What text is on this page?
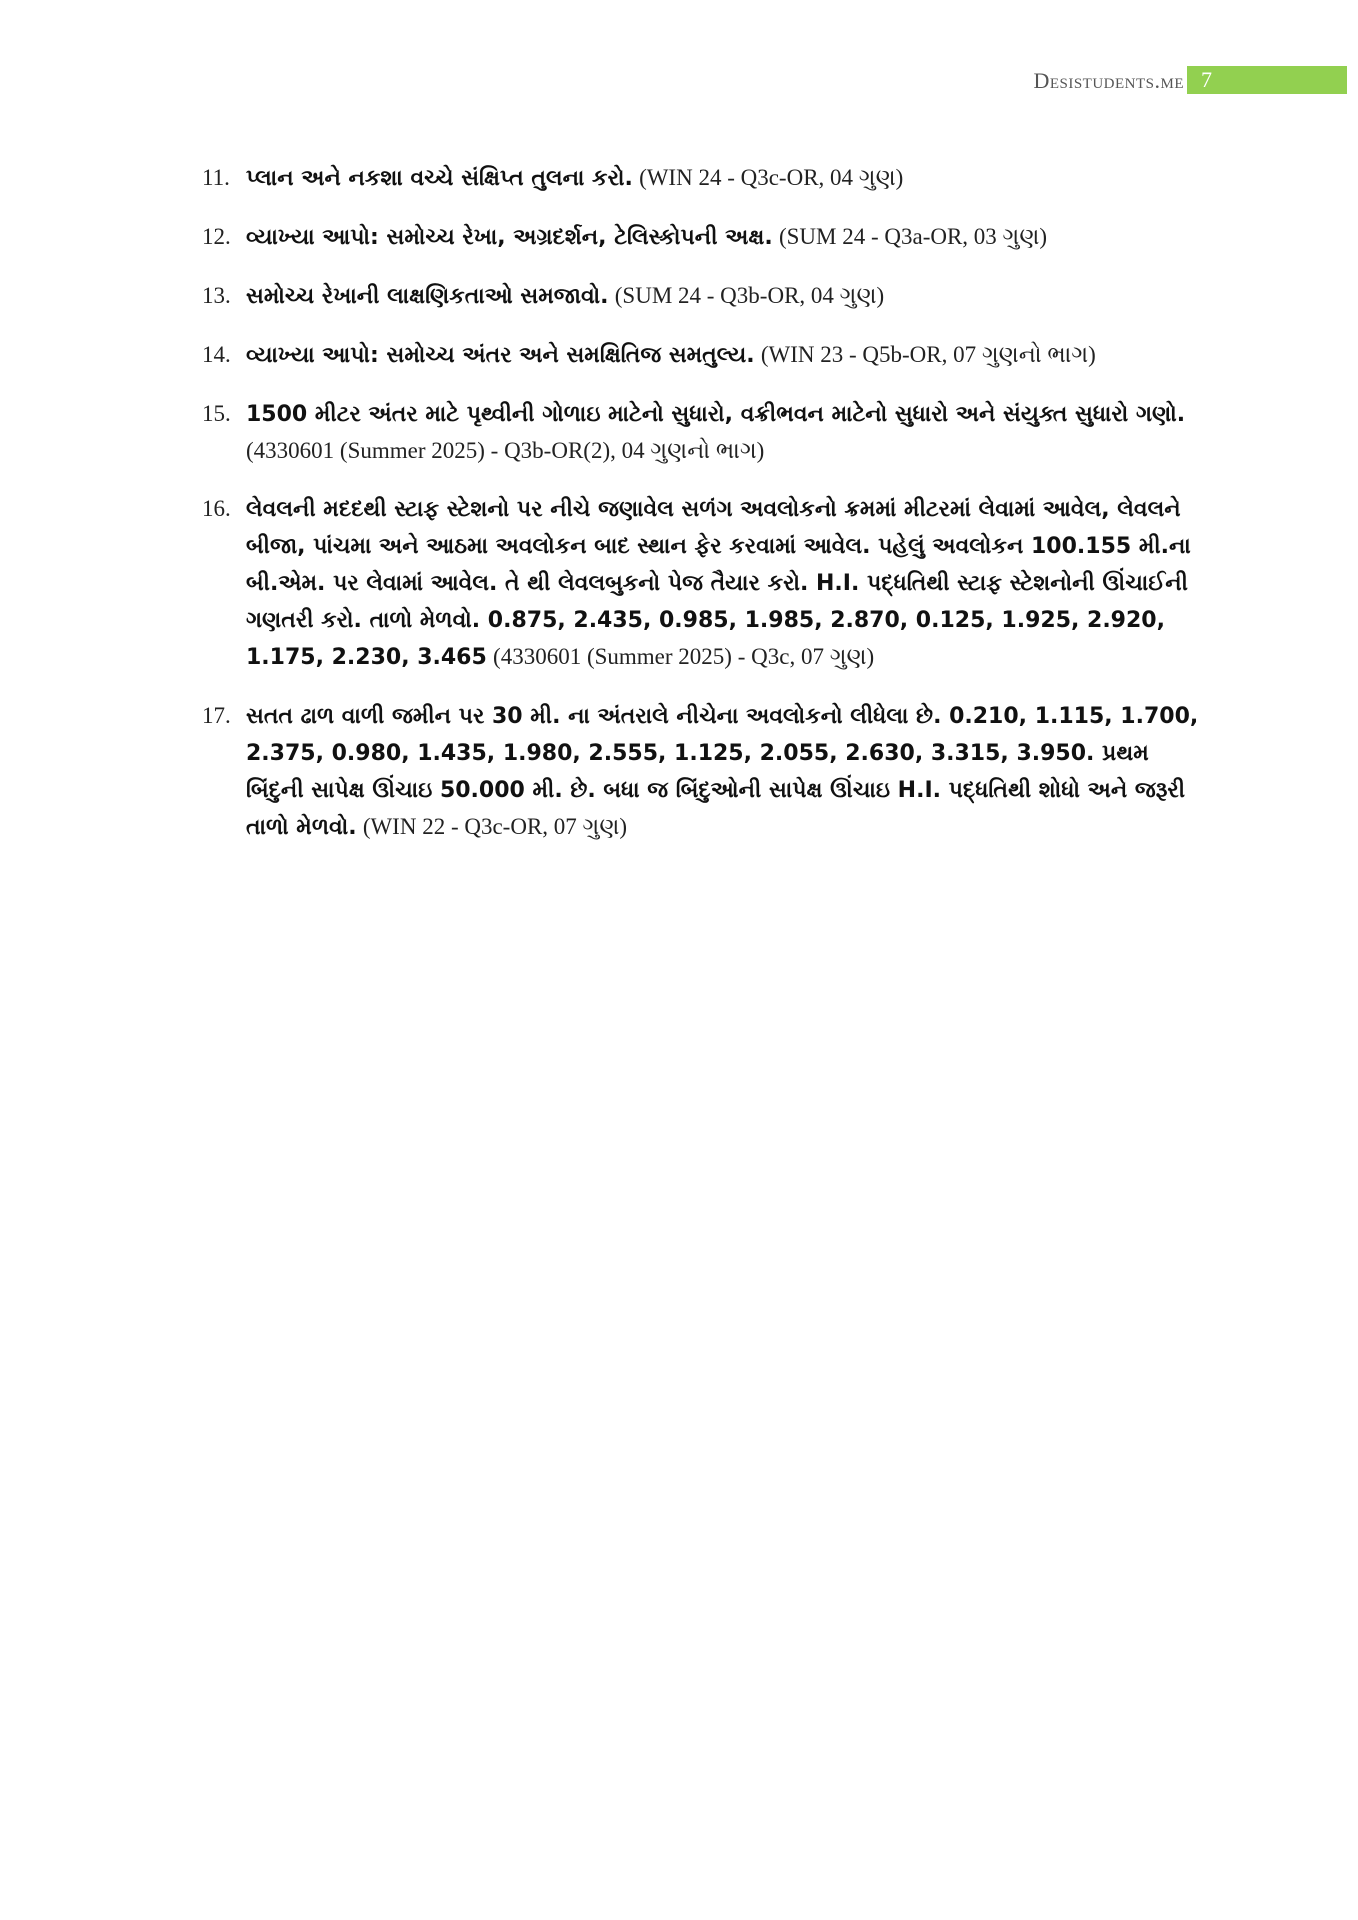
Desistudents.me 7
11. પ્લાન અને નકશા વચ્ચે સંક્ષિપ્ત તુલના કરો. (WIN 24 - Q3c-OR, 04 ગુણ)
12. વ્યાખ્યા આપો: સમોચ્ચ રેખા, અગ્રદર્શન, ટેલિસ્કોપની અક્ષ. (SUM 24 - Q3a-OR, 03 ગુણ)
13. સમોચ્ચ રેખાની લાક્ષણિકતાઓ સમજાવો. (SUM 24 - Q3b-OR, 04 ગુણ)
14. વ્યાખ્યા આપો: સમોચ્ચ અંતર અને સમક્ષિતિજ સમતુલ્ય. (WIN 23 - Q5b-OR, 07 ગુણનો ભાગ)
15. 1500 મીટર અંતર માટે પૃથ્વીની ગોળાઇ માટેનો સુધારો, વક્રીભવન માટેનો સુધારો અને સંયુક્ત સુધારો ગણો. (4330601 (Summer 2025) - Q3b-OR(2), 04 ગુણનો ભાગ)
16. લેવલની મદદથી સ્ટાફ સ્ટેશનો પર નીચે જણાવેલ સળંગ અવલોકનો ક્રમમાં મીટરમાં લેવામાં આવેલ, લેવલને બીજા, પાંચમા અને આઠમા અવલોકન બાદ સ્થાન ફેર કરવામાં આવેલ. પહેલું અવલોકન 100.155 મી.ના બી.એમ. પર લેવામાં આવેલ. તે થી લેવલબુકનો પેજ તૈયાર કરો. H.I. પદ્ધતિથી સ્ટાફ સ્ટેશનોની ઊંચાઈની ગણતરી કરો. તાળો મેળવો. 0.875, 2.435, 0.985, 1.985, 2.870, 0.125, 1.925, 2.920, 1.175, 2.230, 3.465 (4330601 (Summer 2025) - Q3c, 07 ગુણ)
17. સતત ઢાળ વાળી જમીન પર 30 મી. ના અંતરાલે નીચેના અવલોકનો લીધેલા છે. 0.210, 1.115, 1.700, 2.375, 0.980, 1.435, 1.980, 2.555, 1.125, 2.055, 2.630, 3.315, 3.950. પ્રથમ બિંદુની સાપેક્ષ ઊંચાઇ 50.000 મી. છે. બધા જ બિંદુઓની સાપેક્ષ ઊંચાઇ H.I. પદ્ધતિથી શોધો અને જરૂરી તાળો મેળવો. (WIN 22 - Q3c-OR, 07 ગુણ)
